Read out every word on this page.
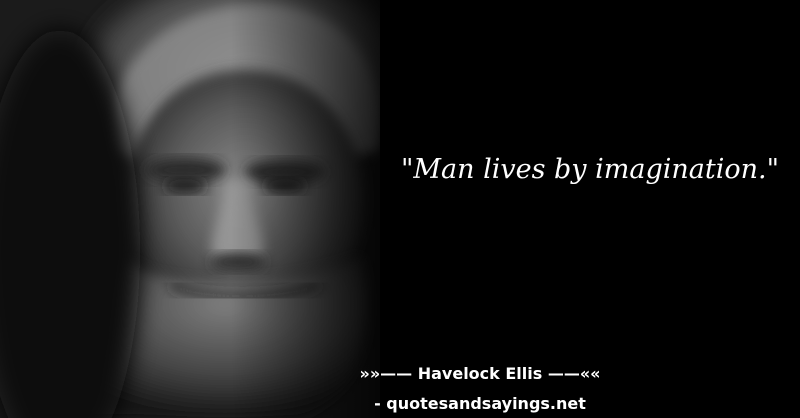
"Man lives by imagination."
»»—— Havelock Ellis ——««
- quotesandsayings.net
